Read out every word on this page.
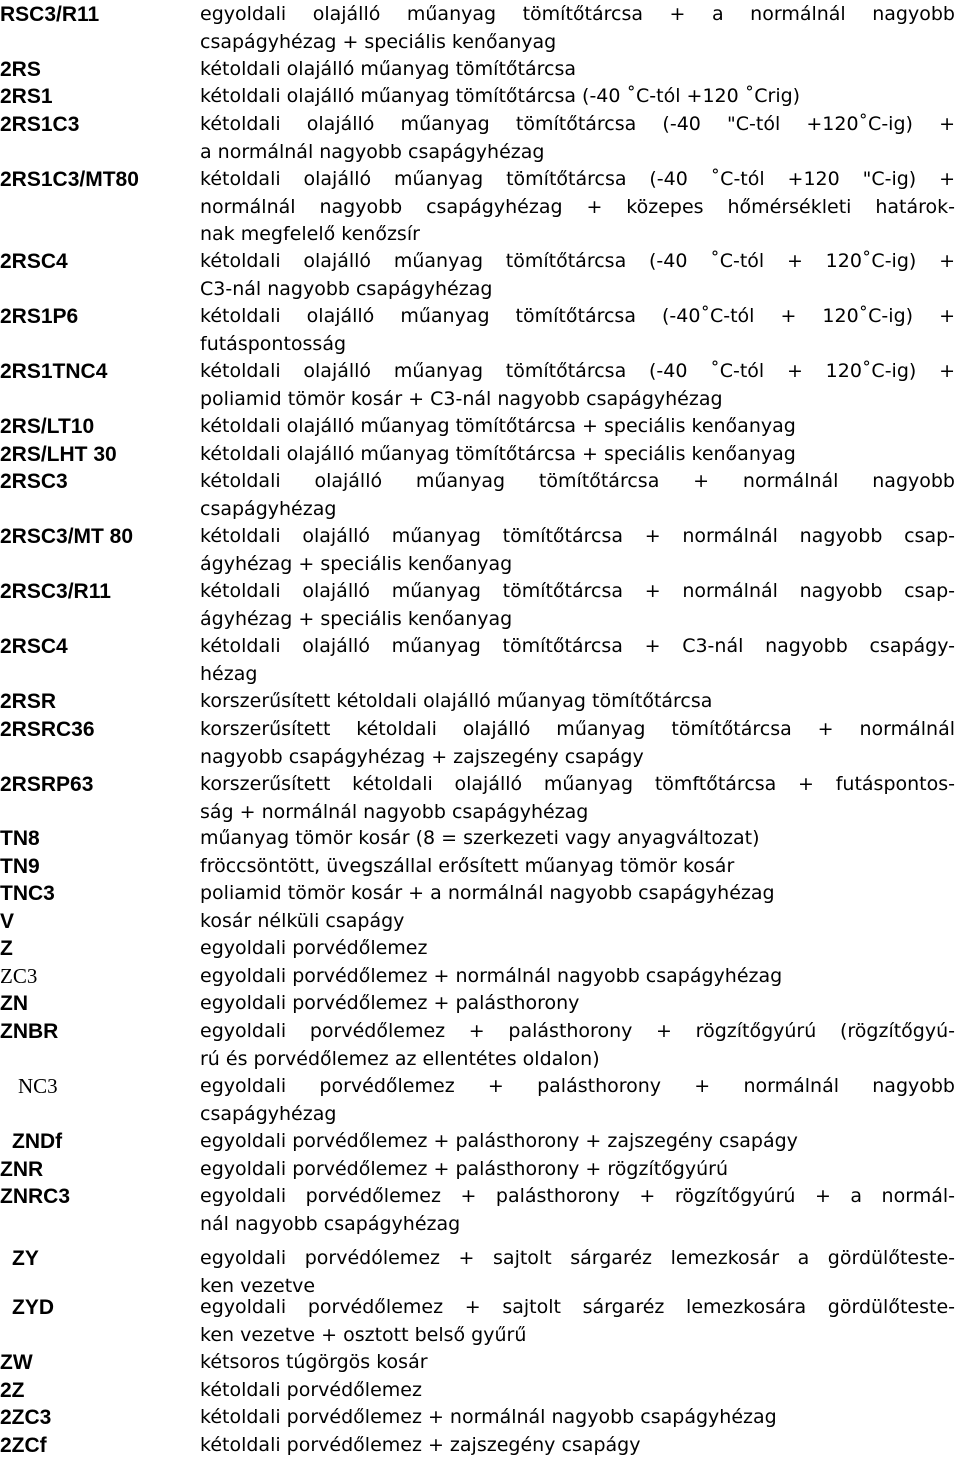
RSC3/R11	egyoldali olajálló műanyag tömítőtárcsa + a normálnál nagyobb
csapágyhézag + speciális kenőanyag
2RS	kétoldali olajálló műanyag tömítőtárcsa
2RS1	kétoldali olajálló műanyag tömítőtárcsa (-40 ˚C-tól +120 ˚Crig)
2RS1C3	kétoldali olajálló műanyag tömítőtárcsa (-40 "C-tól +120˚C-ig) +
a normálnál nagyobb csapágyhézag
2RS1C3/MT80	kétoldali olajálló műanyag tömítőtárcsa (-40 ˚C-tól +120 "C-ig) +
normálnál nagyobb csapágyhézag + közepes hőmérsékleti határok-
nak megfelelő kenőzsír
2RSC4	kétoldali olajálló műanyag tömítőtárcsa (-40 ˚C-tól + 120˚C-ig) +
C3-nál nagyobb csapágyhézag
2RS1P6	kétoldali olajálló műanyag tömítőtárcsa (-40˚C-tól + 120˚C-ig) +
futáspontosság
2RS1TNC4	kétoldali olajálló műanyag tömítőtárcsa (-40 ˚C-tól + 120˚C-ig) +
poliamid tömör kosár + C3-nál nagyobb csapágyhézag
2RS/LT10	kétoldali olajálló műanyag tömítőtárcsa + speciális kenőanyag
2RS/LHT 30	kétoldali olajálló műanyag tömítőtárcsa + speciális kenőanyag
2RSC3	kétoldali olajálló műanyag tömítőtárcsa + normálnál nagyobb
csapágyhézag
2RSC3/MT 80	kétoldali olajálló műanyag tömítőtárcsa + normálnál nagyobb csap-
ágyhézag + speciális kenőanyag
2RSC3/R11	kétoldali olajálló műanyag tömítőtárcsa + normálnál nagyobb csap-
ágyhézag + speciális kenőanyag
2RSC4	kétoldali olajálló műanyag tömítőtárcsa + C3-nál nagyobb csapágy-
hézag
2RSR	korszerűsített kétoldali olajálló műanyag tömítőtárcsa
2RSRC36	korszerűsített kétoldali olajálló műanyag tömítőtárcsa + normálnál
nagyobb csapágyhézag + zajszegény csapágy
2RSRP63	korszerűsített kétoldali olajálló műanyag tömftőtárcsa + futáspontos-
ság + normálnál nagyobb csapágyhézag
TN8	műanyag tömör kosár (8 = szerkezeti vagy anyagváltozat)
TN9	fröccsöntött, üvegszállal erősített műanyag tömör kosár
TNC3	poliamid tömör kosár + a normálnál nagyobb csapágyhézag
V	kosár nélküli csapágy
Z	egyoldali porvédőlemez
ZC3	egyoldali porvédőlemez + normálnál nagyobb csapágyhézag
ZN	egyoldali porvédőlemez + palásthorony
ZNBR	egyoldali porvédőlemez + palásthorony + rögzítőgyúrú (rögzítőgyú-
rú és porvédőlemez az ellentétes oldalon)
NC3	egyoldali porvédőlemez + palásthorony + normálnál nagyobb
csapágyhézag
ZNDf	egyoldali porvédőlemez + palásthorony + zajszegény csapágy
ZNR	egyoldali porvédőlemez + palásthorony + rögzítőgyúrú
ZNRC3	egyoldali porvédőlemez + palásthorony + rögzítőgyúrú + a normál-
nál nagyobb csapágyhézag
ZY	egyoldali porvédólemez + sajtolt sárgaréz lemezkosár a gördülőteste-
ken vezetve
ZYD	egyoldali porvédőlemez + sajtolt sárgaréz lemezkosára gördülőteste-
ken vezetve + osztott belső gyűrű
ZW	kétsoros túgörgös kosár
2Z	kétoldali porvédőlemez
2ZC3	kétoldali porvédőlemez + normálnál nagyobb csapágyhézag
2ZCf	kétoldali porvédőlemez + zajszegény csapágy
